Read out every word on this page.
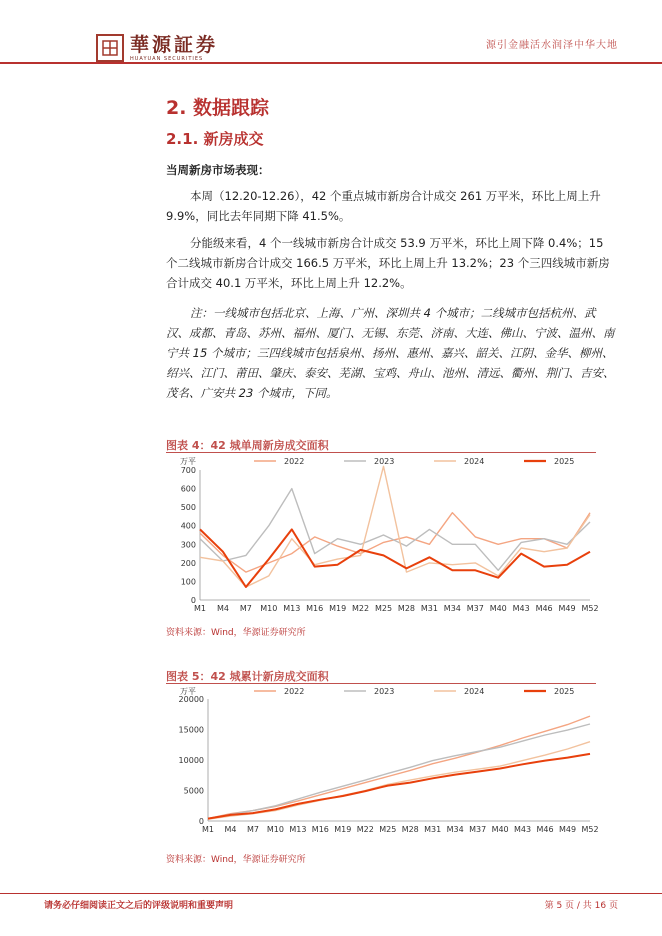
華源証券
HUAYUAN SECURITIES
源引金融活水润泽中华大地
2. 数据跟踪
2.1. 新房成交
当周新房市场表现：
本周（12.20-12.26），42 个重点城市新房合计成交 261 万平米，环比上周上升 9.9%，同比去年同期下降 41.5%。
分能级来看，4 个一线城市新房合计成交 53.9 万平米，环比上周下降 0.4%；15 个二线城市新房合计成交 166.5 万平米，环比上周上升 13.2%；23 个三四线城市新房合计成交 40.1 万平米，环比上周上升 12.2%。
注：一线城市包括北京、上海、广州、深圳共 4 个城市；二线城市包括杭州、武汉、成都、青岛、苏州、福州、厦门、无锡、东莞、济南、大连、佛山、宁波、温州、南宁共 15 个城市；三四线城市包括泉州、扬州、惠州、嘉兴、韶关、江阴、金华、柳州、绍兴、江门、莆田、肇庆、泰安、芜湖、宝鸡、舟山、池州、清远、衢州、荆门、吉安、茂名、广安共 23 个城市，下同。
图表 4：42 城单周新房成交面积
万平
0
100
200
300
400
500
600
700
M1 M4 M7 M10 M13 M16 M19 M22 M25 M28 M31 M34 M37 M40 M43 M46 M49 M52
2022	2023	2024	2025
资料来源：Wind，华源证券研究所
图表 5：42 城累计新房成交面积
万平
0
5000
10000
15000
20000
M1 M4 M7 M10 M13 M16 M19 M22 M25 M28 M31 M34 M37 M40 M43 M46 M49 M52
2022	2023	2024	2025
资料来源：Wind，华源证券研究所
请务必仔细阅读正文之后的评级说明和重要声明	第 5 页 / 共 16 页
